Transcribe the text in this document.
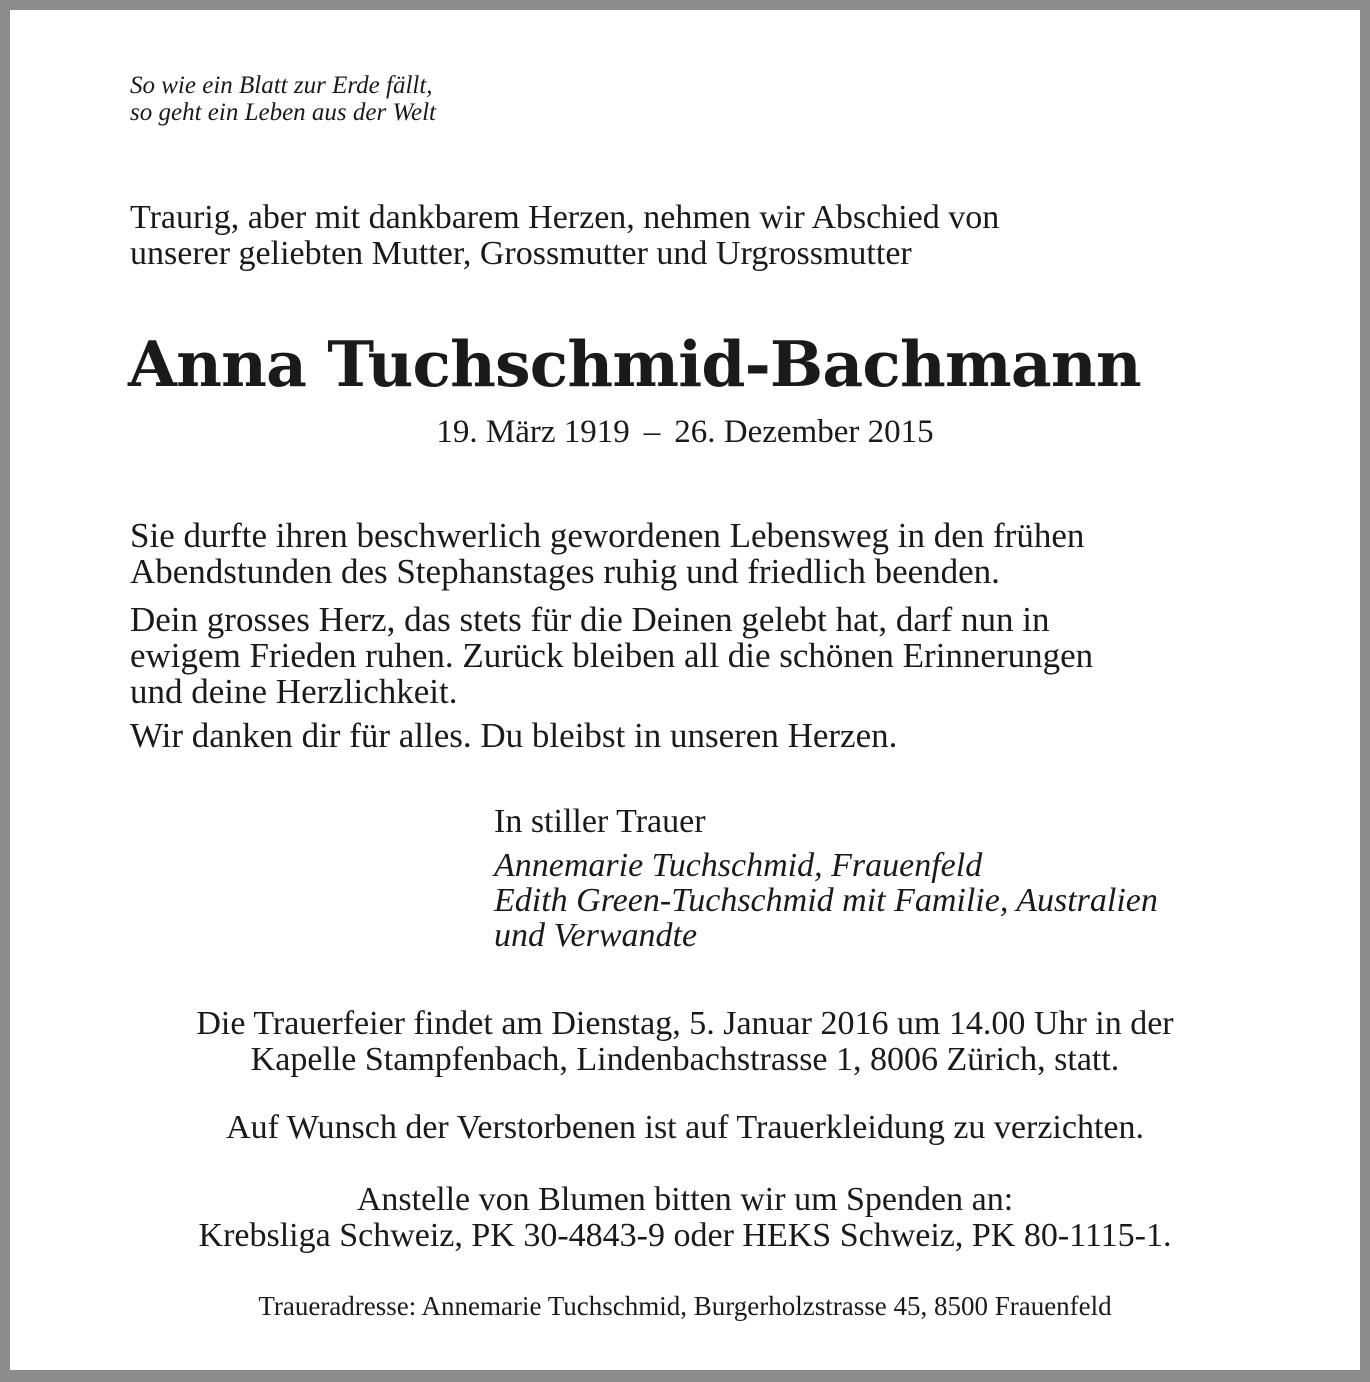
So wie ein Blatt zur Erde fällt,
so geht ein Leben aus der Welt

Traurig, aber mit dankbarem Herzen, nehmen wir Abschied von
unserer geliebten Mutter, Grossmutter und Urgrossmutter

Anna Tuchschmid-Bachmann
19. März 1919 – 26. Dezember 2015

Sie durfte ihren beschwerlich gewordenen Lebensweg in den frühen
Abendstunden des Stephanstages ruhig und friedlich beenden.

Dein grosses Herz, das stets für die Deinen gelebt hat, darf nun in
ewigem Frieden ruhen. Zurück bleiben all die schönen Erinnerungen
und deine Herzlichkeit.

Wir danken dir für alles. Du bleibst in unseren Herzen.

In stiller Trauer

Annemarie Tuchschmid, Frauenfeld
Edith Green-Tuchschmid mit Familie, Australien
und Verwandte

Die Trauerfeier findet am Dienstag, 5. Januar 2016 um 14.00 Uhr in der
Kapelle Stampfenbach, Lindenbachstrasse 1, 8006 Zürich, statt.

Auf Wunsch der Verstorbenen ist auf Trauerkleidung zu verzichten.

Anstelle von Blumen bitten wir um Spenden an:
Krebsliga Schweiz, PK 30-4843-9 oder HEKS Schweiz, PK 80-1115-1.

Traueradresse: Annemarie Tuchschmid, Burgerholzstrasse 45, 8500 Frauenfeld
